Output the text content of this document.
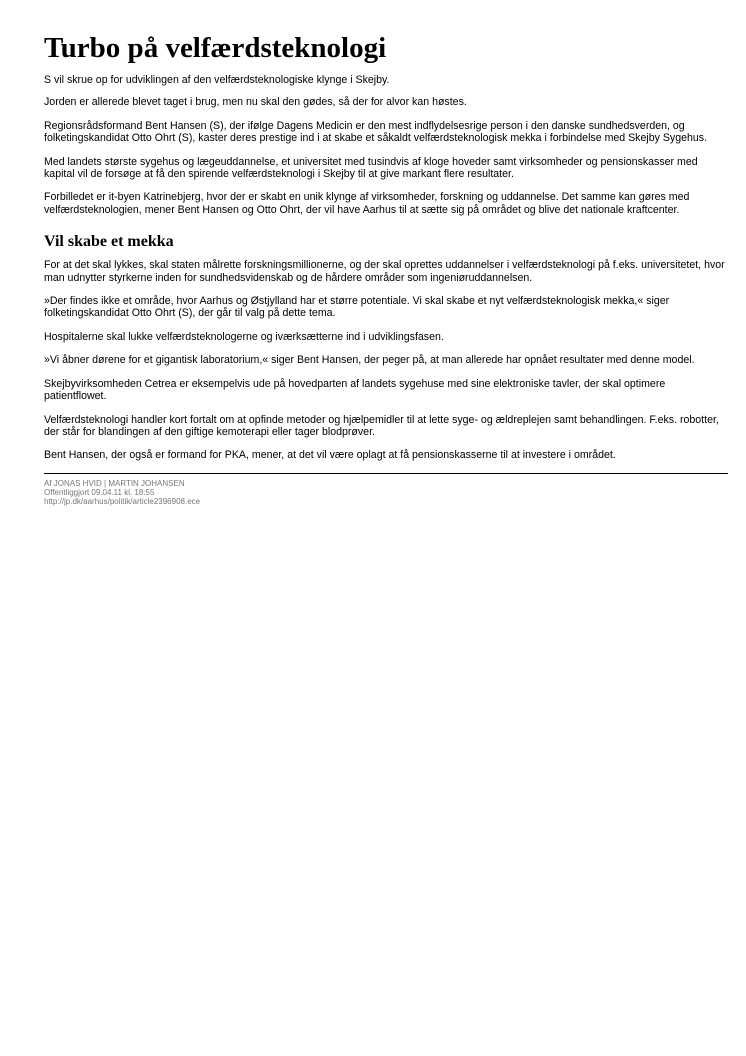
Turbo på velfærdsteknologi

S vil skrue op for udviklingen af den velfærdsteknologiske klynge i Skejby.

Jorden er allerede blevet taget i brug, men nu skal den gødes, så der for alvor kan høstes.

Regionsrådsformand Bent Hansen (S), der ifølge Dagens Medicin er den mest indflydelsesrige person i den danske sundhedsverden, og folketingskandidat Otto Ohrt (S), kaster deres prestige ind i at skabe et såkaldt velfærdsteknologisk mekka i forbindelse med Skejby Sygehus.

Med landets største sygehus og lægeuddannelse, et universitet med tusindvis af kloge hoveder samt virksomheder og pensionskasser med kapital vil de forsøge at få den spirende velfærdsteknologi i Skejby til at give markant flere resultater.

Forbilledet er it-byen Katrinebjerg, hvor der er skabt en unik klynge af virksomheder, forskning og uddannelse. Det samme kan gøres med velfærdsteknologien, mener Bent Hansen og Otto Ohrt, der vil have Aarhus til at sætte sig på området og blive det nationale kraftcenter.

Vil skabe et mekka

For at det skal lykkes, skal staten målrette forskningsmillionerne, og der skal oprettes uddannelser i velfærdsteknologi på f.eks. universitetet, hvor man udnytter styrkerne inden for sundhedsvidenskab og de hårdere områder som ingeniøruddannelsen.

»Der findes ikke et område, hvor Aarhus og Østjylland har et større potentiale. Vi skal skabe et nyt velfærdsteknologisk mekka,« siger folketingskandidat Otto Ohrt (S), der går til valg på dette tema.

Hospitalerne skal lukke velfærdsteknologerne og iværksætterne ind i udviklingsfasen.

»Vi åbner dørene for et gigantisk laboratorium,« siger Bent Hansen, der peger på, at man allerede har opnået resultater med denne model.

Skejbyvirksomheden Cetrea er eksempelvis ude på hovedparten af landets sygehuse med sine elektroniske tavler, der skal optimere patientflowet.

Velfærdsteknologi handler kort fortalt om at opfinde metoder og hjælpemidler til at lette syge- og ældreplejen samt behandlingen. F.eks. robotter, der står for blandingen af den giftige kemoterapi eller tager blodprøver.

Bent Hansen, der også er formand for PKA, mener, at det vil være oplagt at få pensionskasserne til at investere i området.

Af JONAS HVID | MARTIN JOHANSEN
Offentliggjort 09.04.11 kl. 18:55
http://jp.dk/aarhus/politik/article2396908.ece
